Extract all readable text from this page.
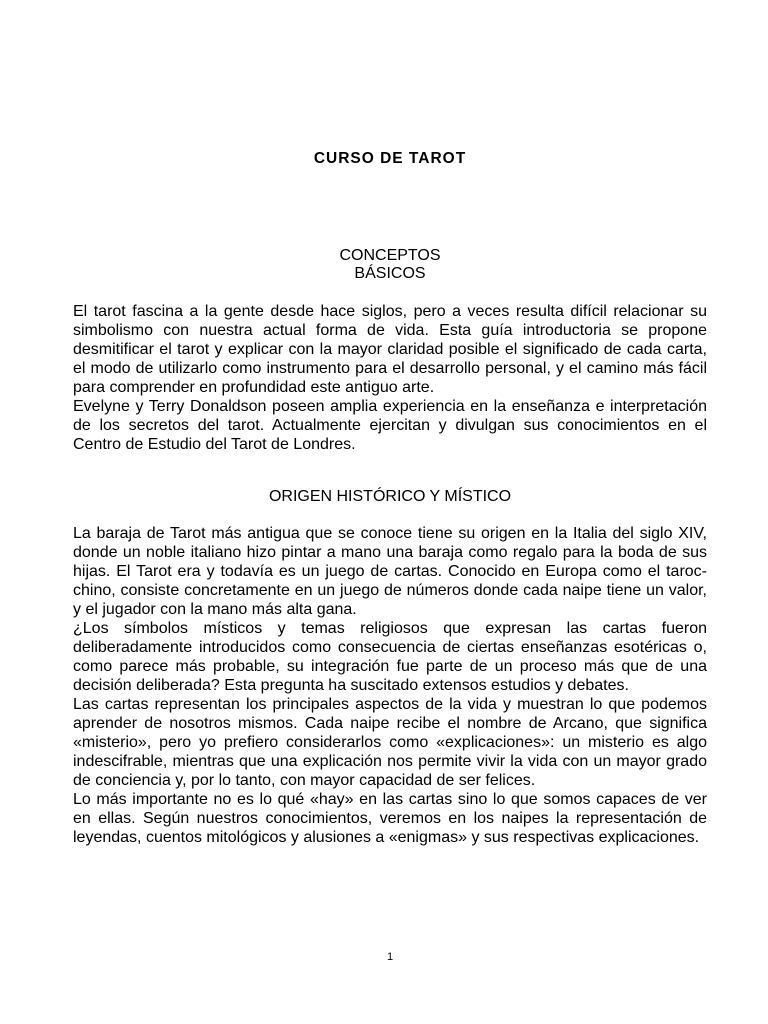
CURSO DE TAROT
CONCEPTOS
BÁSICOS

El tarot fascina a la gente desde hace siglos, pero a veces resulta difícil relacionar su simbolismo con nuestra actual forma de vida. Esta guía introductoria se propone desmitificar el tarot y explicar con la mayor claridad posible el significado de cada carta, el modo de utilizarlo como instrumento para el desarrollo personal, y el camino más fácil para comprender en profundidad este antiguo arte.

Evelyne y Terry Donaldson poseen amplia experiencia en la enseñanza e interpretación de los secretos del tarot. Actualmente ejercitan y divulgan sus conocimientos en el Centro de Estudio del Tarot de Londres.

ORIGEN HISTÓRICO Y MÍSTICO

La baraja de Tarot más antigua que se conoce tiene su origen en la Italia del siglo XIV, donde un noble italiano hizo pintar a mano una baraja como regalo para la boda de sus hijas. El Tarot era y todavía es un juego de cartas. Conocido en Europa como el taroc-chino, consiste concretamente en un juego de números donde cada naipe tiene un valor, y el jugador con la mano más alta gana.

¿Los símbolos místicos y temas religiosos que expresan las cartas fueron deliberadamente introducidos como consecuencia de ciertas enseñanzas esotéricas o, como parece más probable, su integración fue parte de un proceso más que de una decisión deliberada? Esta pregunta ha suscitado extensos estudios y debates.

Las cartas representan los principales aspectos de la vida y muestran lo que podemos aprender de nosotros mismos. Cada naipe recibe el nombre de Arcano, que significa «misterio», pero yo prefiero considerarlos como «explicaciones»: un misterio es algo indescifrable, mientras que una explicación nos permite vivir la vida con un mayor grado de conciencia y, por lo tanto, con mayor capacidad de ser felices.

Lo más importante no es lo qué «hay» en las cartas sino lo que somos capaces de ver en ellas. Según nuestros conocimientos, veremos en los naipes la representación de leyendas, cuentos mitológicos y alusiones a «enigmas» y sus respectivas explicaciones.

1
